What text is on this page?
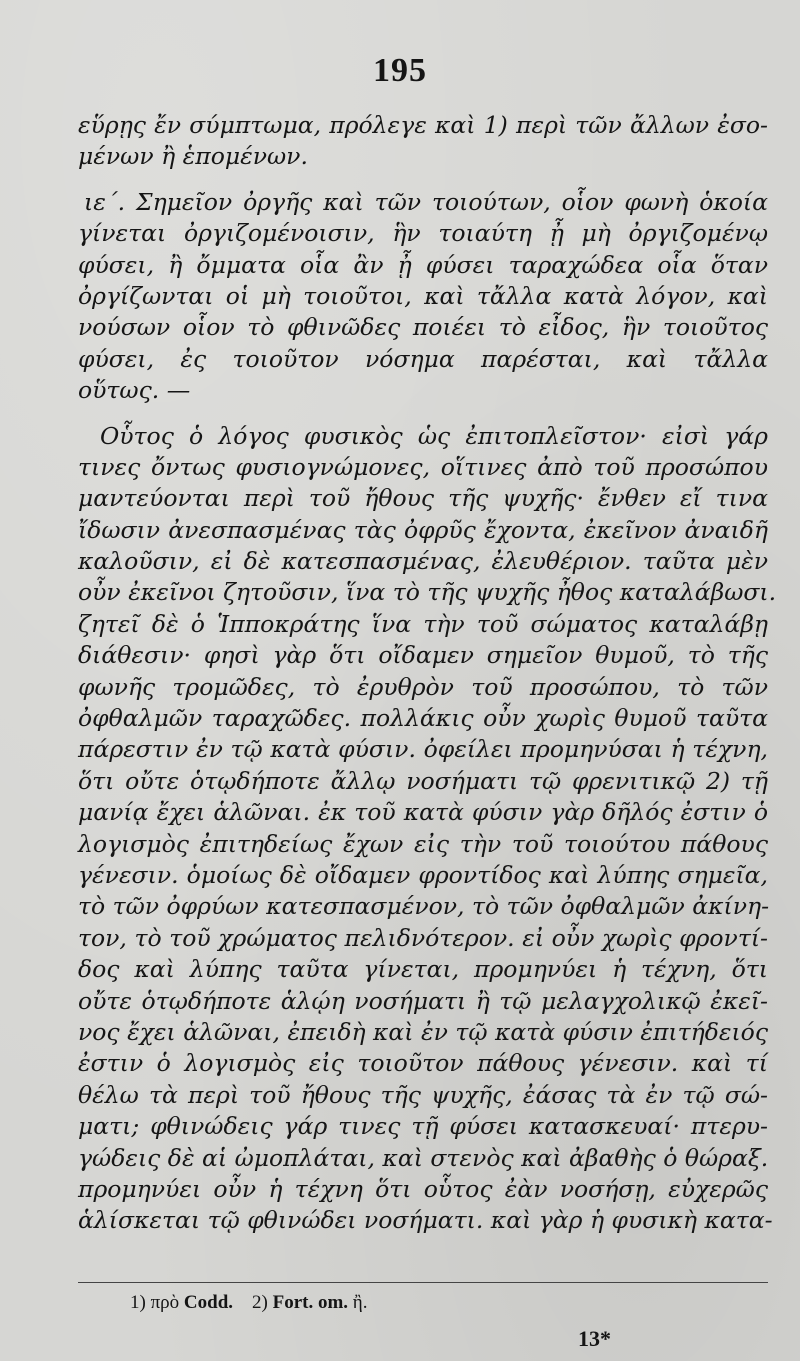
195
εὕρῃς ἔν σύμπτωμα, πρόλεγε καὶ 1) περὶ τῶν ἄλλων ἐσο-
μένων ἢ ἑπομένων.
ιε΄. Σημεῖον ὀργῆς καὶ τῶν τοιούτων, οἷον φωνὴ ὁκοία
γίνεται ὀργιζομένοισιν, ἣν τοιαύτη ᾖ μὴ ὀργιζομένῳ
φύσει, ἢ ὄμματα οἷα ἂν ᾖ φύσει ταραχώδεα οἷα ὅταν
ὀργίζωνται οἱ μὴ τοιοῦτοι, καὶ τἄλλα κατὰ λόγον, καὶ
νούσων οἷον τὸ φθινῶδες ποιέει τὸ εἶδος, ἣν τοιοῦτος
φύσει, ἐς τοιοῦτον νόσημα παρέσται, καὶ τἄλλα
οὕτως. —
Οὗτος ὁ λόγος φυσικὸς ὡς ἐπιτοπλεῖστον· εἰσὶ γάρ
τινες ὄντως φυσιογνώμονες, οἵτινες ἀπὸ τοῦ προσώπου
μαντεύονται περὶ τοῦ ἤθους τῆς ψυχῆς· ἔνθεν εἴ τινα
ἴδωσιν ἀνεσπασμένας τὰς ὀφρῦς ἔχοντα, ἐκεῖνον ἀναιδῆ
καλοῦσιν, εἰ δὲ κατεσπασμένας, ἐλευθέριον. ταῦτα μὲν
οὖν ἐκεῖνοι ζητοῦσιν, ἵνα τὸ τῆς ψυχῆς ἦθος καταλάβωσι.
ζητεῖ δὲ ὁ Ἱπποκράτης ἵνα τὴν τοῦ σώματος καταλάβῃ
διάθεσιν· φησὶ γὰρ ὅτι οἴδαμεν σημεῖον θυμοῦ, τὸ τῆς
φωνῆς τρομῶδες, τὸ ἐρυθρὸν τοῦ προσώπου, τὸ τῶν
ὀφθαλμῶν ταραχῶδες. πολλάκις οὖν χωρὶς θυμοῦ ταῦτα
πάρεστιν ἐν τῷ κατὰ φύσιν. ὀφείλει προμηνύσαι ἡ τέχνη,
ὅτι οὔτε ὁτῳδήποτε ἄλλῳ νοσήματι τῷ φρενιτικῷ 2) τῇ
μανίᾳ ἔχει ἁλῶναι. ἐκ τοῦ κατὰ φύσιν γὰρ δῆλός ἐστιν ὁ
λογισμὸς ἐπιτηδείως ἔχων εἰς τὴν τοῦ τοιούτου πάθους
γένεσιν. ὁμοίως δὲ οἴδαμεν φροντίδος καὶ λύπης σημεῖα,
τὸ τῶν ὀφρύων κατεσπασμένον, τὸ τῶν ὀφθαλμῶν ἀκίνη-
τον, τὸ τοῦ χρώματος πελιδνότερον. εἰ οὖν χωρὶς φροντί-
δος καὶ λύπης ταῦτα γίνεται, προμηνύει ἡ τέχνη, ὅτι
οὔτε ὁτῳδήποτε ἁλῴη νοσήματι ἢ τῷ μελαγχολικῷ ἐκεῖ-
νος ἔχει ἁλῶναι, ἐπειδὴ καὶ ἐν τῷ κατὰ φύσιν ἐπιτήδειός
ἐστιν ὁ λογισμὸς εἰς τοιοῦτον πάθους γένεσιν. καὶ τί
θέλω τὰ περὶ τοῦ ἤθους τῆς ψυχῆς, ἐάσας τὰ ἐν τῷ σώ-
ματι; φθινώδεις γάρ τινες τῇ φύσει κατασκευαί· πτερυ-
γώδεις δὲ αἱ ὠμοπλάται, καὶ στενὸς καὶ ἀβαθὴς ὁ θώραξ.
προμηνύει οὖν ἡ τέχνη ὅτι οὗτος ἐὰν νοσήσῃ, εὐχερῶς
ἁλίσκεται τῷ φθινώδει νοσήματι. καὶ γὰρ ἡ φυσικὴ κατα-
1) πρὸ Codd. 2) Fort. om. ἢ.
13*
